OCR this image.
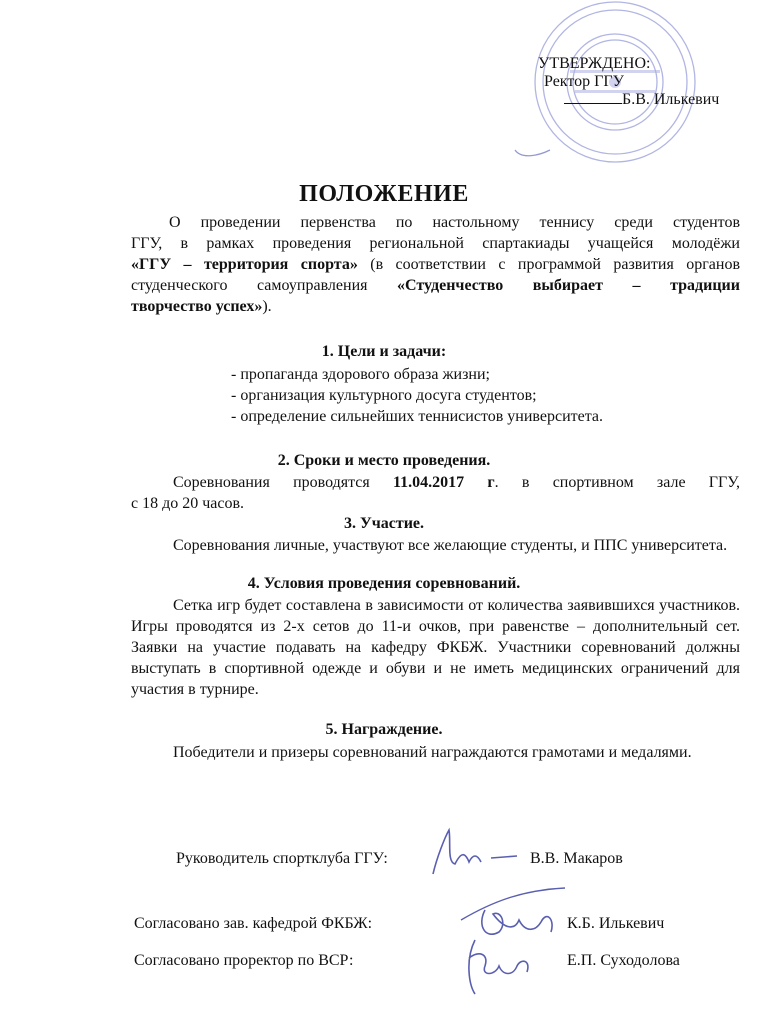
УТВЕРЖДЕНО:
Ректор ГГУ
Б.В. Илькевич
ПОЛОЖЕНИЕ
О проведении первенства по настольному теннису среди студентов
ГГУ, в рамках проведения региональной спартакиады учащейся молодёжи
«ГГУ – территория спорта» (в соответствии с программой развития органов
студенческого самоуправления «Студенчество выбирает – традиции
творчество успех»).
1. Цели и задачи:
- пропаганда здорового образа жизни;
- организация культурного досуга студентов;
- определение сильнейших теннисистов университета.
2. Сроки и место проведения.
Соревнования проводятся 11.04.2017 г. в спортивном зале ГГУ,
с 18 до 20 часов.
3. Участие.
Соревнования личные, участвуют все желающие студенты, и ППС университета.
4. Условия проведения соревнований.
Сетка игр будет составлена в зависимости от количества заявившихся участников. Игры проводятся из 2-х сетов до 11-и очков, при равенстве – дополнительный сет. Заявки на участие подавать на кафедру ФКБЖ. Участники соревнований должны выступать в спортивной одежде и обуви и не иметь медицинских ограничений для участия в турнире.
5. Награждение.
Победители и призеры соревнований награждаются грамотами и медалями.
Руководитель спортклуба ГГУ:	В.В. Макаров
Согласовано зав. кафедрой ФКБЖ:	К.Б. Илькевич
Согласовано проректор по ВСР:	Е.П. Суходолова
